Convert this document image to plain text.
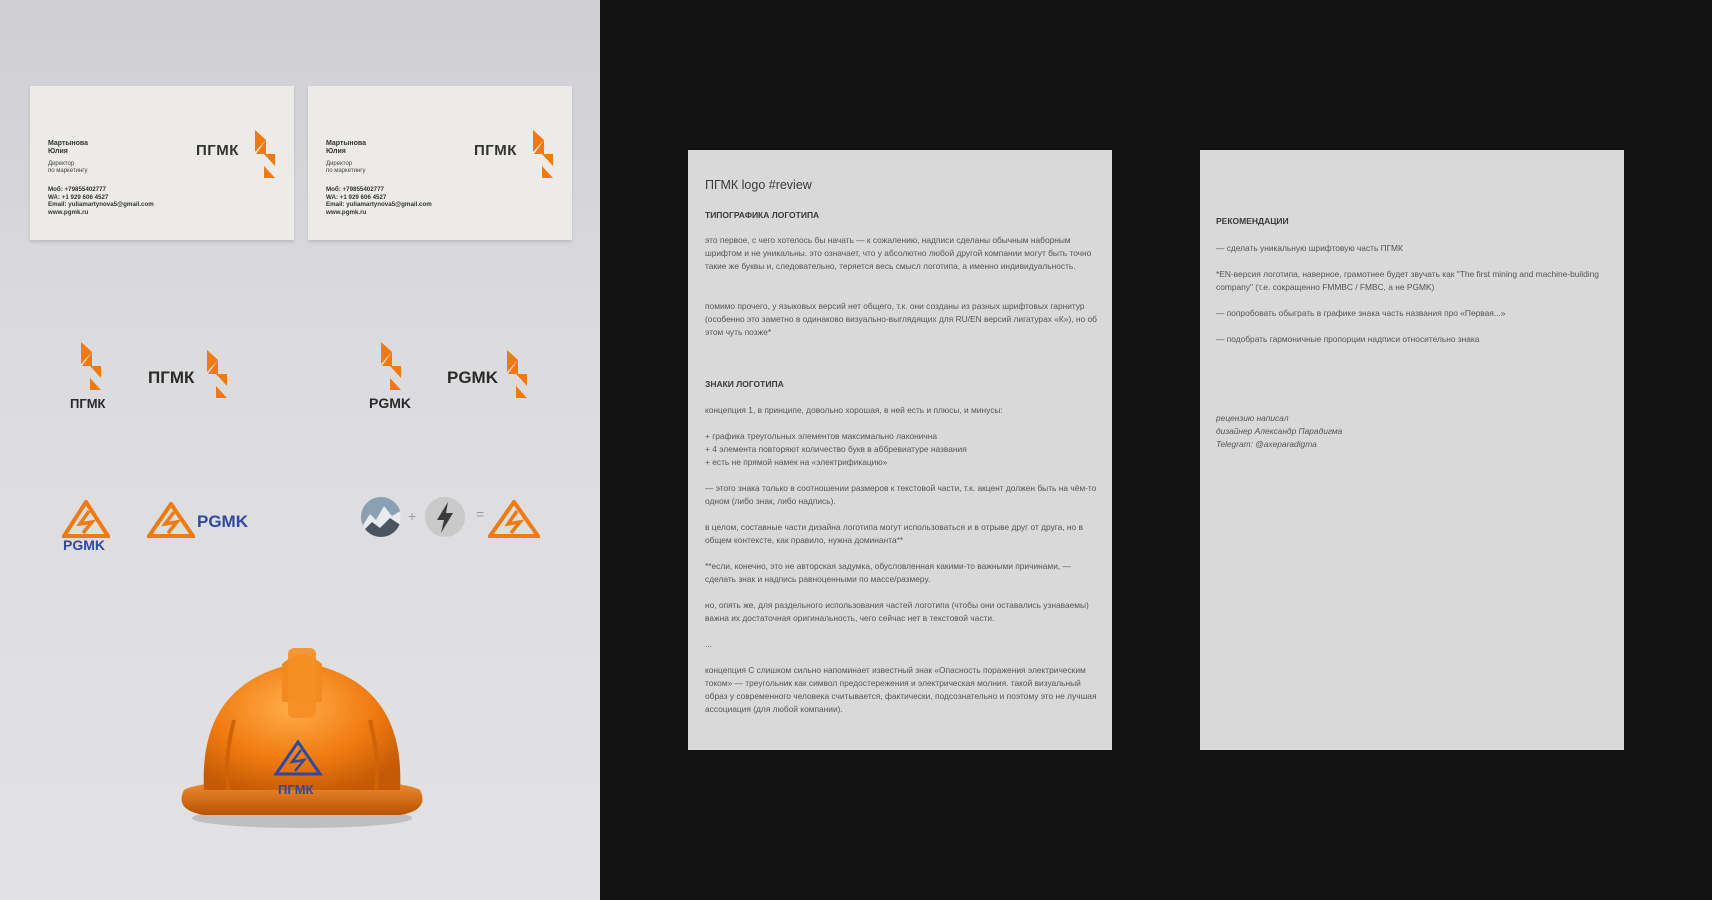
Мартынова
Юлия
Директор
по маркетингу
Моб: +79855402777
WA: +1 929 606 4527
Email: yuliamartynova5@gmail.com
www.pgmk.ru
ПГМК	Мартынова
Юлия
Директор
по маркетингу
Моб: +79855402777
WA: +1 929 606 4527
Email: yuliamartynova5@gmail.com
www.pgmk.ru
ПГМК
ПГМК
ПГМК
PGMK
PGMK
PGMK
PGMK	+	=
ПГМК
ПГМК logo #review
ТИПОГРАФИКА ЛОГОТИПА

это первое, с чего хотелось бы начать — к сожалению, надписи сделаны обычным наборным шрифтом и не уникальны. это означает, что у абсолютно любой другой компании могут быть точно такие же буквы и, следовательно, теряется весь смысл логотипа, а именно индивидуальность.

помимо прочего, у языковых версий нет общего, т.к. они созданы из разных шрифтовых гарнитур (особенно это заметно в одинаково визуально-выглядящих для RU/EN версий лигатурах «К»), но об этом чуть позже*

ЗНАКИ ЛОГОТИПА

концепция 1, в принципе, довольно хорошая, в ней есть и плюсы, и минусы:

+ графика треугольных элементов максимально лаконична

+ 4 элемента повторяют количество букв в аббревиатуре названия

+ есть не прямой намек на «электрификацию»

— этого знака только в соотношении размеров к текстовой части, т.к. акцент должен быть на чём-то одном (либо знак, либо надпись).

в целом, составные части дизайна логотипа могут использоваться и в отрыве друг от друга, но в общем контексте, как правило, нужна доминанта**

**если, конечно, это не авторская задумка, обусловленная какими-то важными причинами, — сделать знак и надпись равноценными по массе/размеру.

но, опять же, для раздельного использования частей логотипа (чтобы они оставались узнаваемы) важна их достаточная оригинальность, чего сейчас нет в текстовой части.

...

концепция С слишком сильно напоминает известный знак «Опасность поражения электрическим током» — треугольник как символ предостережения и электрическая молния. такой визуальный образ у современного человека считывается, фактически, подсознательно и поэтому это не лучшая ассоциация (для любой компании).

РЕКОМЕНДАЦИИ

— сделать уникальную шрифтовую часть ПГМК

*EN-версия логотипа, наверное, грамотнее будет звучать как "The first mining and machine-building company" (т.е. сокращенно FMMBC / FMBC, а не PGMK)

— попробовать обыграть в графике знака часть названия про «Первая...»

— подобрать гармоничные пропорции надписи относительно знака

рецензию написал

дизайнер Александр Парадигма

Telegram: @axeparadigma
